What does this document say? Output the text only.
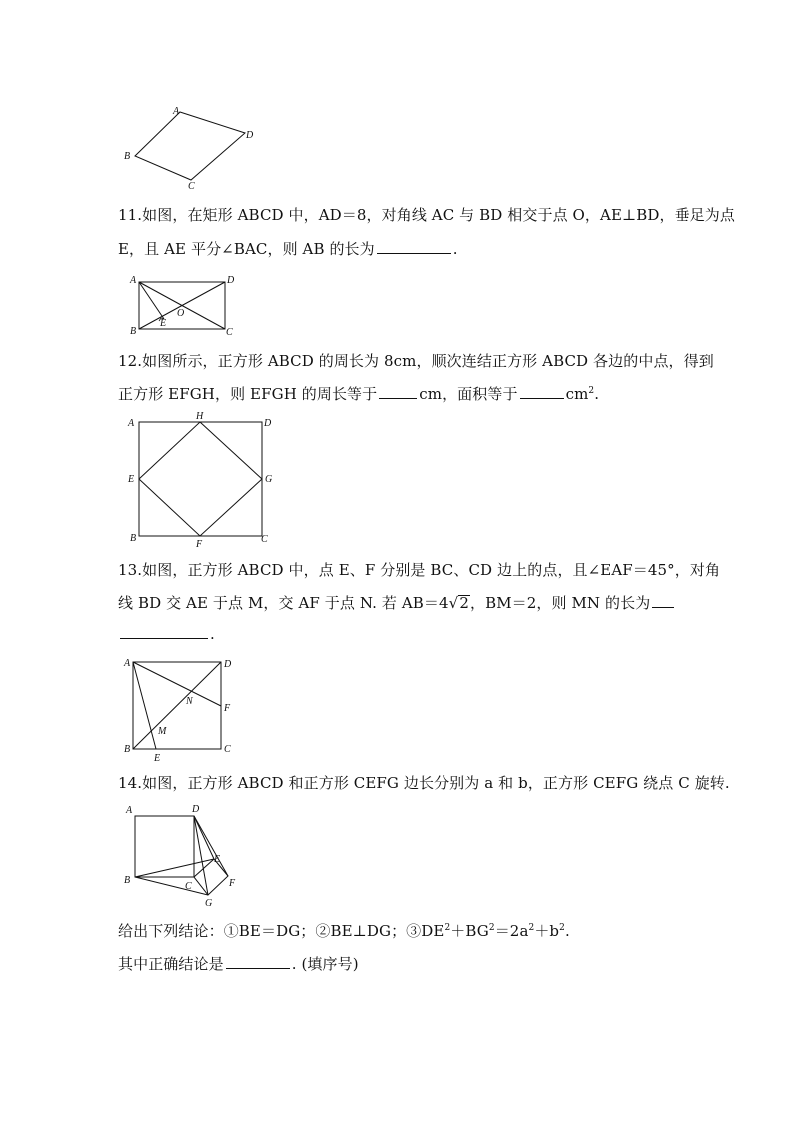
A
B
C
D
11.如图，在矩形 ABCD 中，AD＝8，对角线 AC 与 BD 相交于点 O，AE⊥BD，垂足为点
E，且 AE 平分∠BAC，则 AB 的长为	.
A	D
B	C
O
E
12.如图所示，正方形 ABCD 的周长为 8cm，顺次连结正方形 ABCD 各边的中点，得到
正方形 EFGH，则 EFGH 的周长等于	cm，面积等于	$cm^2$.
A
H
D
E	G
B
F	C
13.如图，正方形 ABCD 中，点 E、F 分别是 BC、CD 边上的点，且∠EAF＝45°，对角
线 BD 交 AE 于点 M，交 AF 于点 N. 若 AB＝4√2，BM＝2，则 MN 的长为
.
A	D
N
F
M
B
E
C
14.如图，正方形 ABCD 和正方形 CEFG 边长分别为 a 和 b，正方形 CEFG 绕点 C 旋转.
A	D
E
B
C	F
G
给出下列结论：①BE＝DG；②BE⊥DG；$③DE^2+BG^2=2a^2+b^2$.
其中正确结论是	. (填序号)
